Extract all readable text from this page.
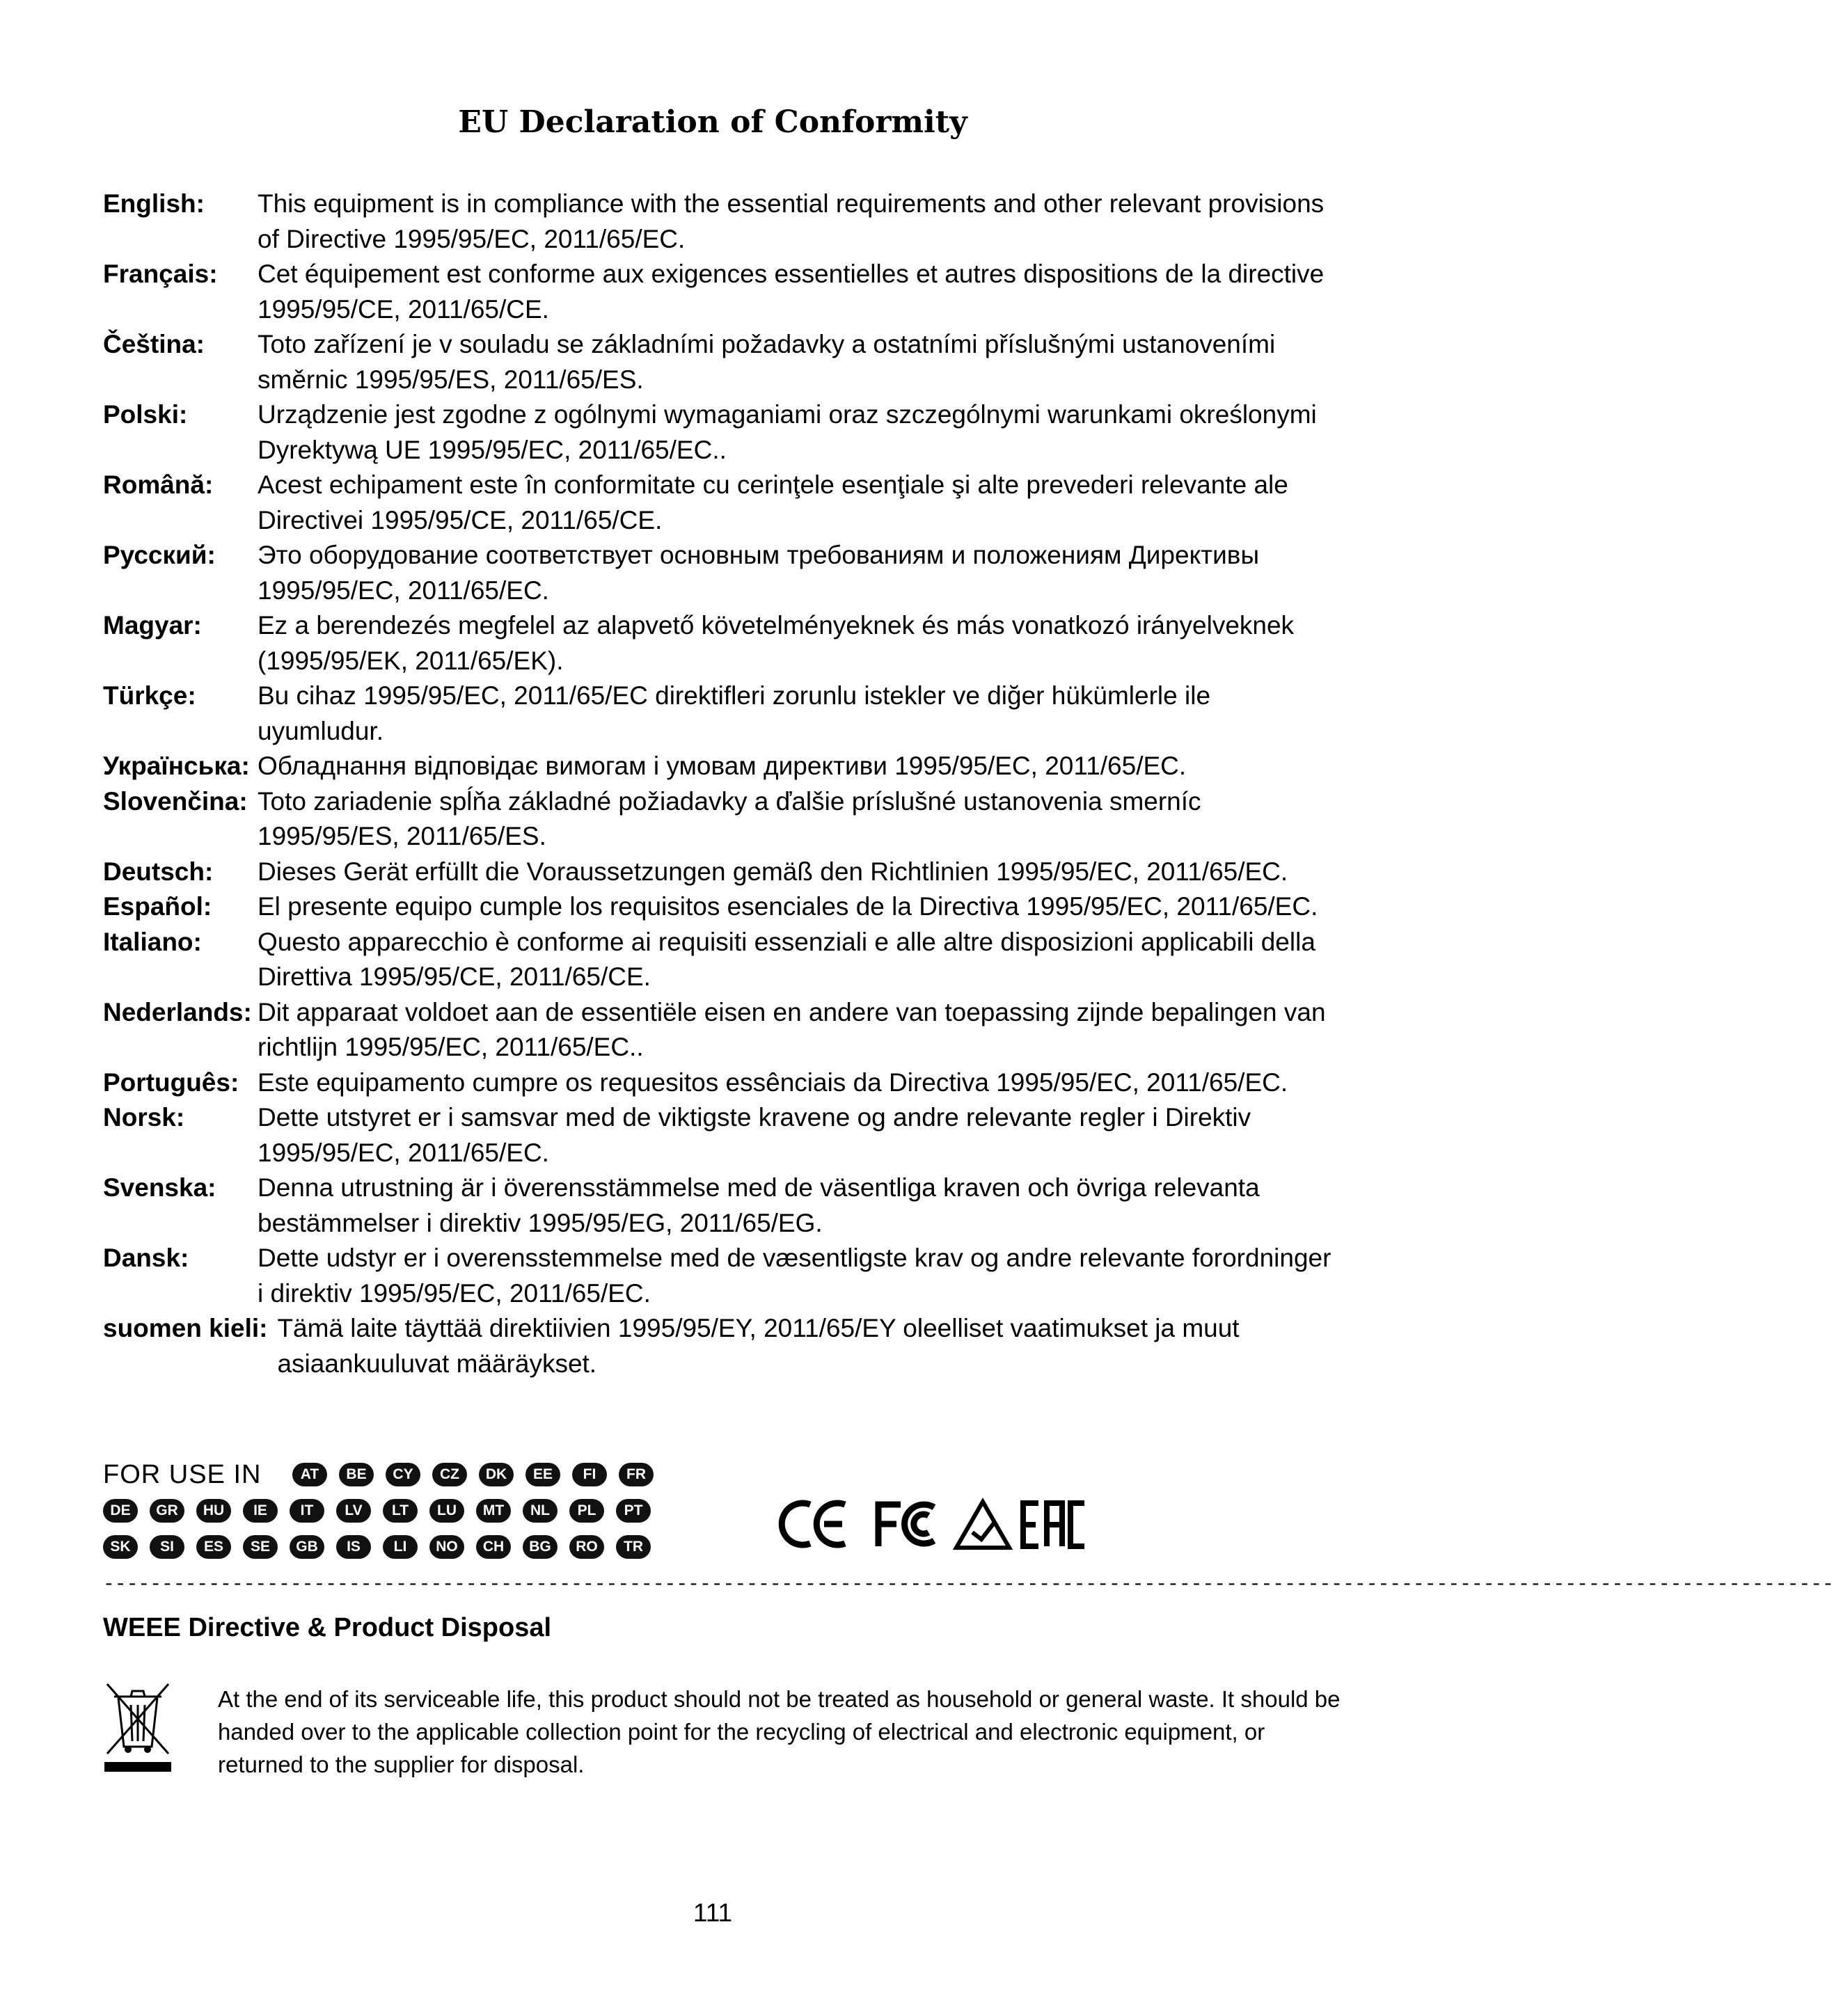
EU Declaration of Conformity
English:	This equipment is in compliance with the essential requirements and other relevant provisions of Directive 1995/95/EC, 2011/65/EC.
Français:	Cet équipement est conforme aux exigences essentielles et autres dispositions de la directive 1995/95/CE, 2011/65/CE.
Čeština:	Toto zařízení je v souladu se základními požadavky a ostatními příslušnými ustanoveními směrnic 1995/95/ES, 2011/65/ES.
Polski:	Urządzenie jest zgodne z ogólnymi wymaganiami oraz szczególnymi warunkami określonymi Dyrektywą UE 1995/95/EC, 2011/65/EC..
Română:	Acest echipament este în conformitate cu cerinţele esenţiale şi alte prevederi relevante ale Directivei 1995/95/CE, 2011/65/CE.
Русский:	Это оборудование соответствует основным требованиям и положениям Директивы 1995/95/EC, 2011/65/EC.
Magyar:	Ez a berendezés megfelel az alapvető követelményeknek és más vonatkozó irányelveknek (1995/95/EK, 2011/65/EK).
Türkçe:	Bu cihaz 1995/95/EC, 2011/65/EC direktifleri zorunlu istekler ve diğer hükümlerle ile uyumludur.
Українська: Обладнання відповідає вимогам і умовам директиви 1995/95/EC, 2011/65/EC.
Slovenčina: Toto zariadenie spĺňa základné požiadavky a ďalšie príslušné ustanovenia smerníc 1995/95/ES, 2011/65/ES.
Deutsch:	Dieses Gerät erfüllt die Voraussetzungen gemäß den Richtlinien 1995/95/EC, 2011/65/EC.
Español:	El presente equipo cumple los requisitos esenciales de la Directiva 1995/95/EC, 2011/65/EC.
Italiano:	Questo apparecchio è conforme ai requisiti essenziali e alle altre disposizioni applicabili della Direttiva 1995/95/CE, 2011/65/CE.
Nederlands: Dit apparaat voldoet aan de essentiële eisen en andere van toepassing zijnde bepalingen van richtlijn 1995/95/EC, 2011/65/EC..
Português: Este equipamento cumpre os requesitos essênciais da Directiva 1995/95/EC, 2011/65/EC.
Norsk:	Dette utstyret er i samsvar med de viktigste kravene og andre relevante regler i Direktiv 1995/95/EC, 2011/65/EC.
Svenska:	Denna utrustning är i överensstämmelse med de väsentliga kraven och övriga relevanta bestämmelser i direktiv 1995/95/EG, 2011/65/EG.
Dansk:	Dette udstyr er i overensstemmelse med de væsentligste krav og andre relevante forordninger i direktiv 1995/95/EC, 2011/65/EC.
suomen kieli: Tämä laite täyttää direktiivien 1995/95/EY, 2011/65/EY oleelliset vaatimukset ja muut asiaankuuluvat määräykset.
FOR USE IN	AT	BE	CY	CZ	DK	EE	FI	FR
DE	GR	HU	IE	IT	LV	LT	LU	MT	NL	PL	PT
SK	SI	ES	SE	GB	IS	LI	NO	CH	BG	RO	TR
----------------------------------------------------------------------------------------------------------------------------------------------------
WEEE Directive & Product Disposal
At the end of its serviceable life, this product should not be treated as household or general waste. It should be handed over to the applicable collection point for the recycling of electrical and electronic equipment, or returned to the supplier for disposal.
111
